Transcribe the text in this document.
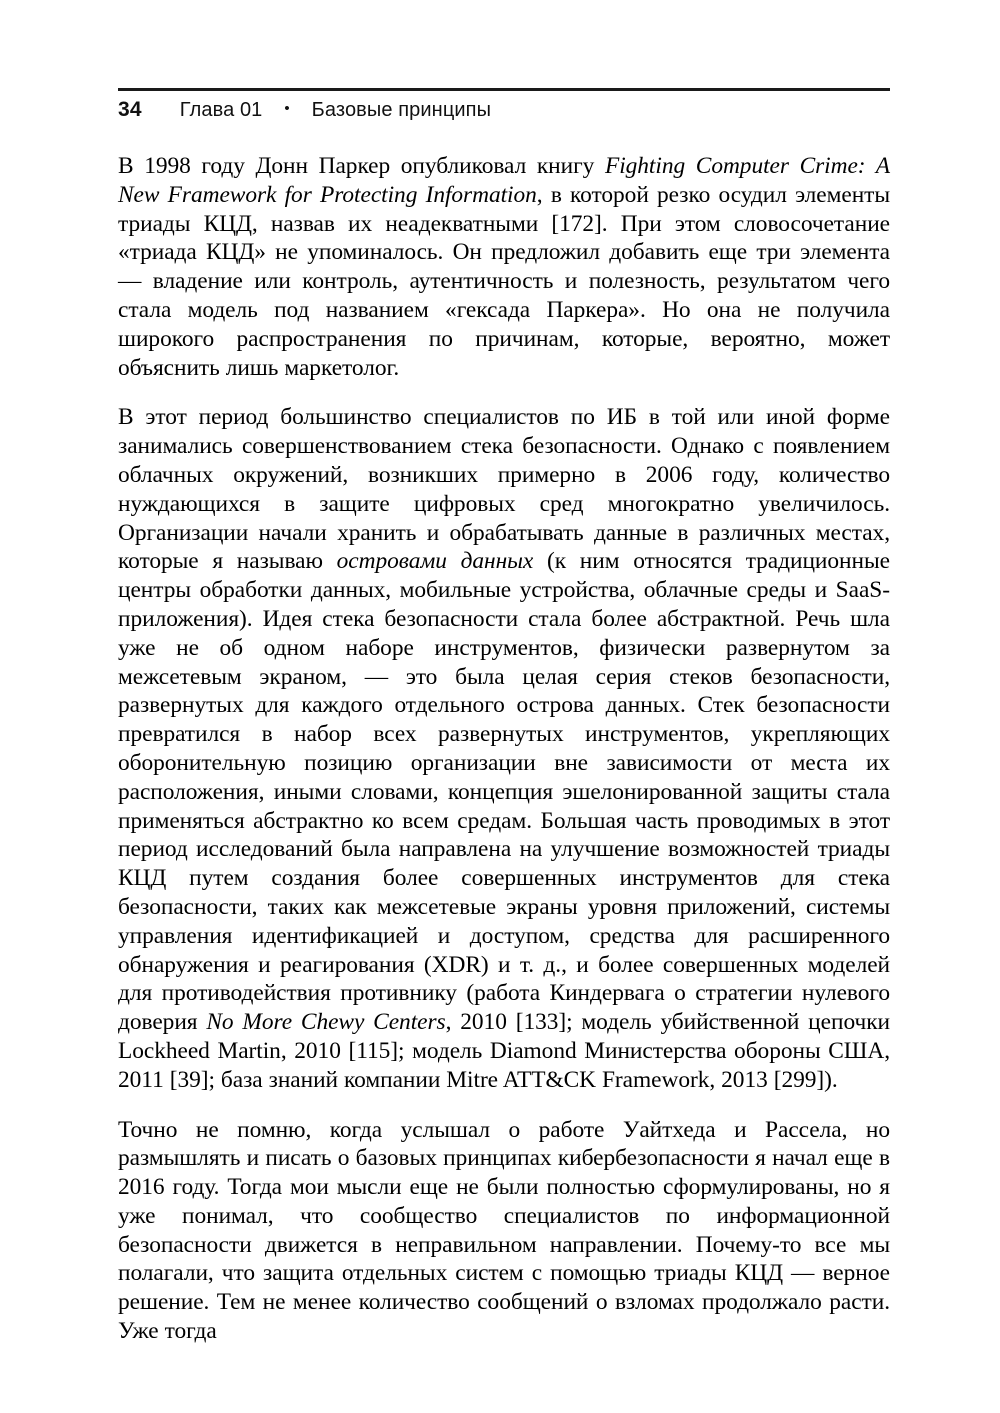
34 Глава 01 • Базовые принципы

В 1998 году Донн Паркер опубликовал книгу Fighting Computer Crime: A New Framework for Protecting Information, в которой резко осудил элементы триады КЦД, назвав их неадекватными [172]. При этом словосочетание «триада КЦД» не упоминалось. Он предложил добавить еще три элемента — владение или контроль, аутентичность и полезность, результатом чего стала модель под названием «гексада Паркера». Но она не получила широкого распространения по причинам, которые, вероятно, может объяснить лишь маркетолог.

В этот период большинство специалистов по ИБ в той или иной форме занимались совершенствованием стека безопасности. Однако с появлением облачных окружений, возникших примерно в 2006 году, количество нуждающихся в защите цифровых сред многократно увеличилось. Организации начали хранить и обрабатывать данные в различных местах, которые я называю островами данных (к ним относятся традиционные центры обработки данных, мобильные устройства, облачные среды и SaaS-приложения). Идея стека безопасности стала более абстрактной. Речь шла уже не об одном наборе инструментов, физически развернутом за межсетевым экраном, — это была целая серия стеков безопасности, развернутых для каждого отдельного острова данных. Стек безопасности превратился в набор всех развернутых инструментов, укрепляющих оборонительную позицию организации вне зависимости от места их расположения, иными словами, концепция эшелонированной защиты стала применяться абстрактно ко всем средам. Большая часть проводимых в этот период исследований была направлена на улучшение возможностей триады КЦД путем создания более совершенных инструментов для стека безопасности, таких как межсетевые экраны уровня приложений, системы управления идентификацией и доступом, средства для расширенного обнаружения и реагирования (XDR) и т. д., и более совершенных моделей для противодействия противнику (работа Киндервага о стратегии нулевого доверия No More Chewy Centers, 2010 [133]; модель убийственной цепочки Lockheed Martin, 2010 [115]; модель Diamond Министерства обороны США, 2011 [39]; база знаний компании Mitre ATT&CK Framework, 2013 [299]).

Точно не помню, когда услышал о работе Уайтхеда и Рассела, но размышлять и писать о базовых принципах кибербезопасности я начал еще в 2016 году. Тогда мои мысли еще не были полностью сформулированы, но я уже понимал, что сообщество специалистов по информационной безопасности движется в неправильном направлении. Почему-то все мы полагали, что защита отдельных систем с помощью триады КЦД — верное решение. Тем не менее количество сообщений о взломах продолжало расти. Уже тогда
